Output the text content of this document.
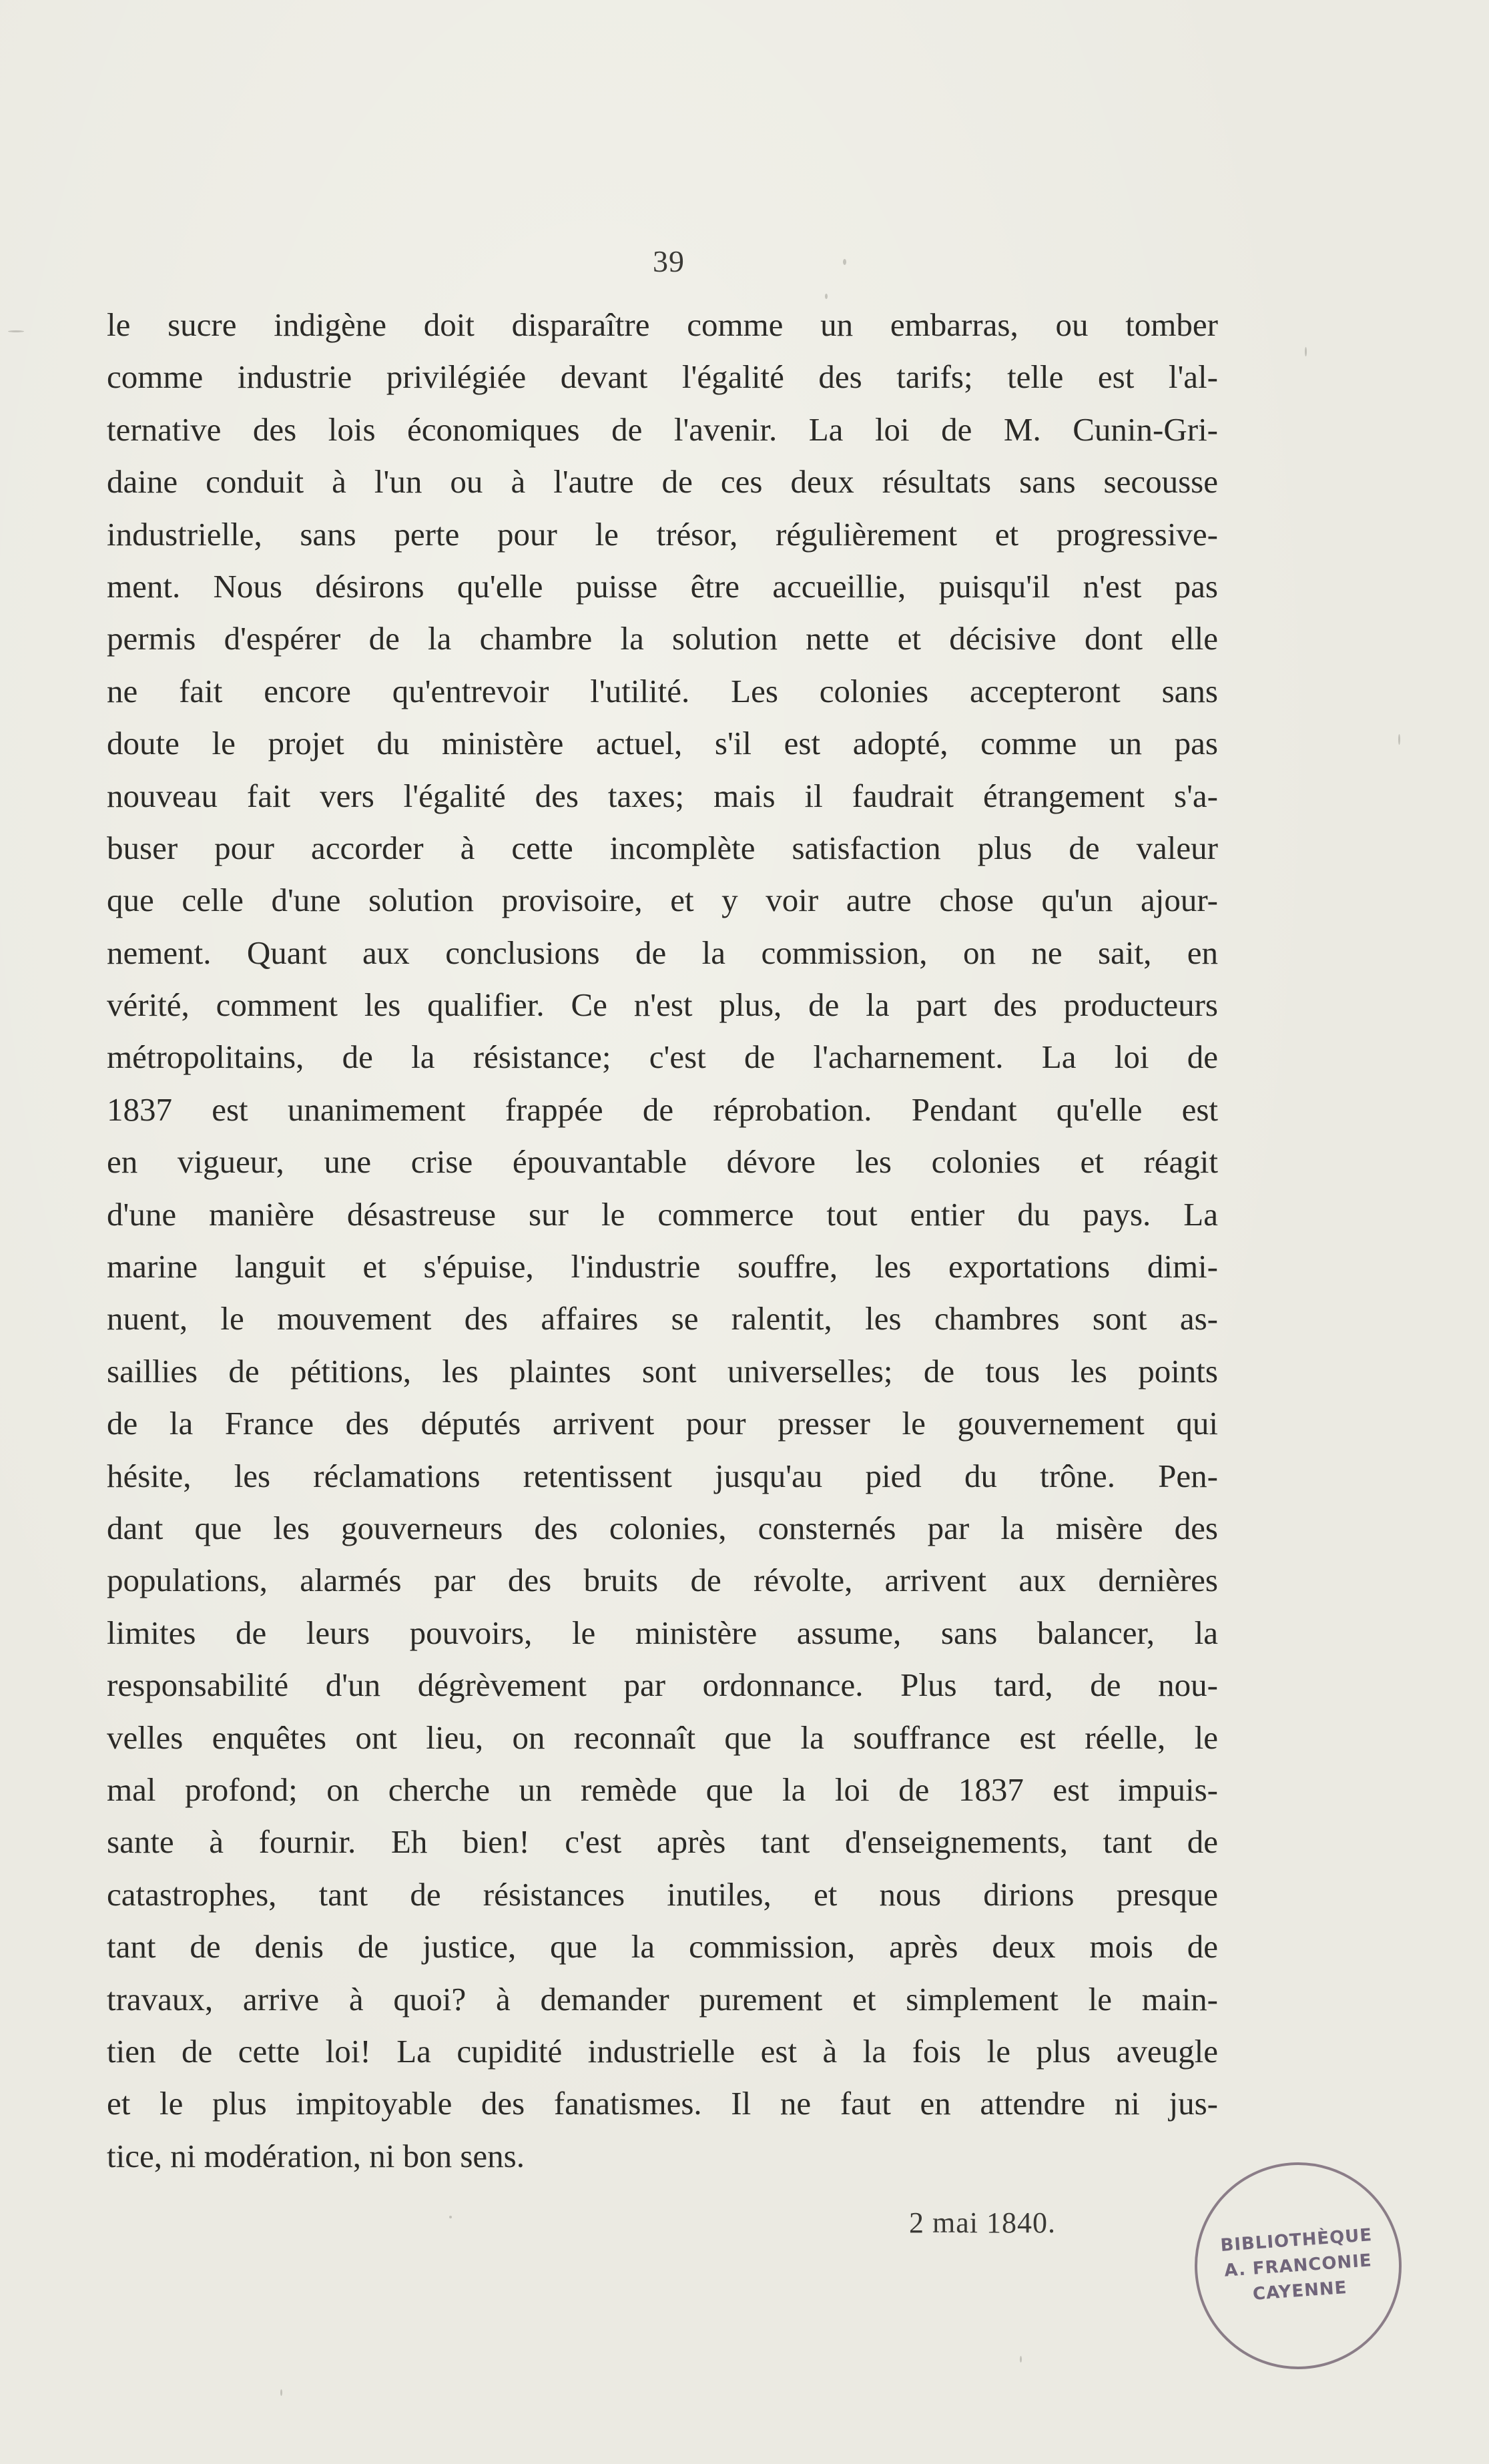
39
le sucre indigène doit disparaître comme un embarras, ou tomber
comme industrie privilégiée devant l'égalité des tarifs; telle est l'al-
ternative des lois économiques de l'avenir. La loi de M. Cunin-Gri-
daine conduit à l'un ou à l'autre de ces deux résultats sans secousse
industrielle, sans perte pour le trésor, régulièrement et progressive-
ment. Nous désirons qu'elle puisse être accueillie, puisqu'il n'est pas
permis d'espérer de la chambre la solution nette et décisive dont elle
ne fait encore qu'entrevoir l'utilité. Les colonies accepteront sans
doute le projet du ministère actuel, s'il est adopté, comme un pas
nouveau fait vers l'égalité des taxes; mais il faudrait étrangement s'a-
buser pour accorder à cette incomplète satisfaction plus de valeur
que celle d'une solution provisoire, et y voir autre chose qu'un ajour-
nement. Quant aux conclusions de la commission, on ne sait, en
vérité, comment les qualifier. Ce n'est plus, de la part des producteurs
métropolitains, de la résistance; c'est de l'acharnement. La loi de
1837 est unanimement frappée de réprobation. Pendant qu'elle est
en vigueur, une crise épouvantable dévore les colonies et réagit
d'une manière désastreuse sur le commerce tout entier du pays. La
marine languit et s'épuise, l'industrie souffre, les exportations dimi-
nuent, le mouvement des affaires se ralentit, les chambres sont as-
saillies de pétitions, les plaintes sont universelles; de tous les points
de la France des députés arrivent pour presser le gouvernement qui
hésite, les réclamations retentissent jusqu'au pied du trône. Pen-
dant que les gouverneurs des colonies, consternés par la misère des
populations, alarmés par des bruits de révolte, arrivent aux dernières
limites de leurs pouvoirs, le ministère assume, sans balancer, la
responsabilité d'un dégrèvement par ordonnance. Plus tard, de nou-
velles enquêtes ont lieu, on reconnaît que la souffrance est réelle, le
mal profond; on cherche un remède que la loi de 1837 est impuis-
sante à fournir. Eh bien! c'est après tant d'enseignements, tant de
catastrophes, tant de résistances inutiles, et nous dirions presque
tant de denis de justice, que la commission, après deux mois de
travaux, arrive à quoi? à demander purement et simplement le main-
tien de cette loi! La cupidité industrielle est à la fois le plus aveugle
et le plus impitoyable des fanatismes. Il ne faut en attendre ni jus-
tice, ni modération, ni bon sens.
2 mai 1840.
BIBLIOTHÈQUE
A. FRANCONIE
CAYENNE
